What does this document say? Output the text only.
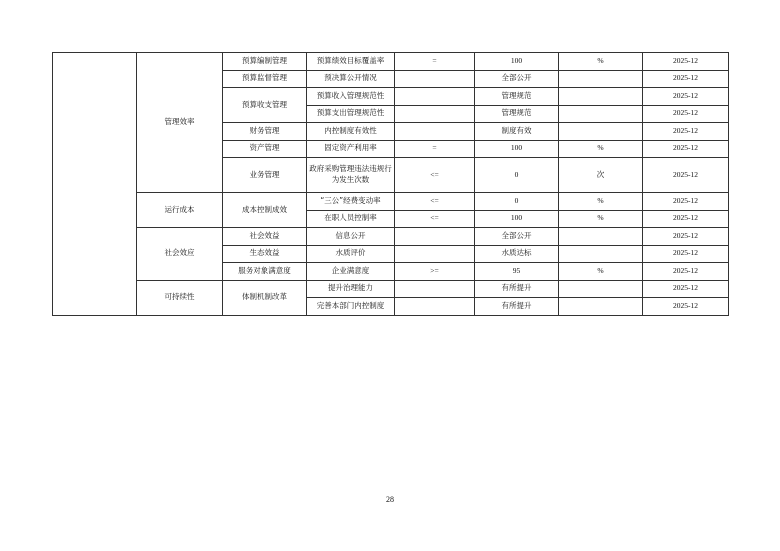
	管理效率	预算编制管理	预算绩效目标覆盖率	=	100	%	2025-12
		预算监督管理	预决算公开情况		全部公开		2025-12
		预算收支管理	预算收入管理规范性		管理规范		2025-12
			预算支出管理规范性		管理规范		2025-12
		财务管理	内控制度有效性		制度有效		2025-12
		资产管理	固定资产利用率	=	100	%	2025-12
		业务管理	政府采购管理违法违规行为发生次数	<=	0	次	2025-12
	运行成本	成本控制成效	“三公”经费变动率	<=	0	%	2025-12
			在职人员控制率	<=	100	%	2025-12
	社会效应	社会效益	信息公开		全部公开		2025-12
		生态效益	水质评价		水质达标		2025-12
		服务对象满意度	企业满意度	>=	95	%	2025-12
	可持续性	体制机制改革	提升治理能力		有所提升		2025-12
			完善本部门内控制度		有所提升		2025-12
28
